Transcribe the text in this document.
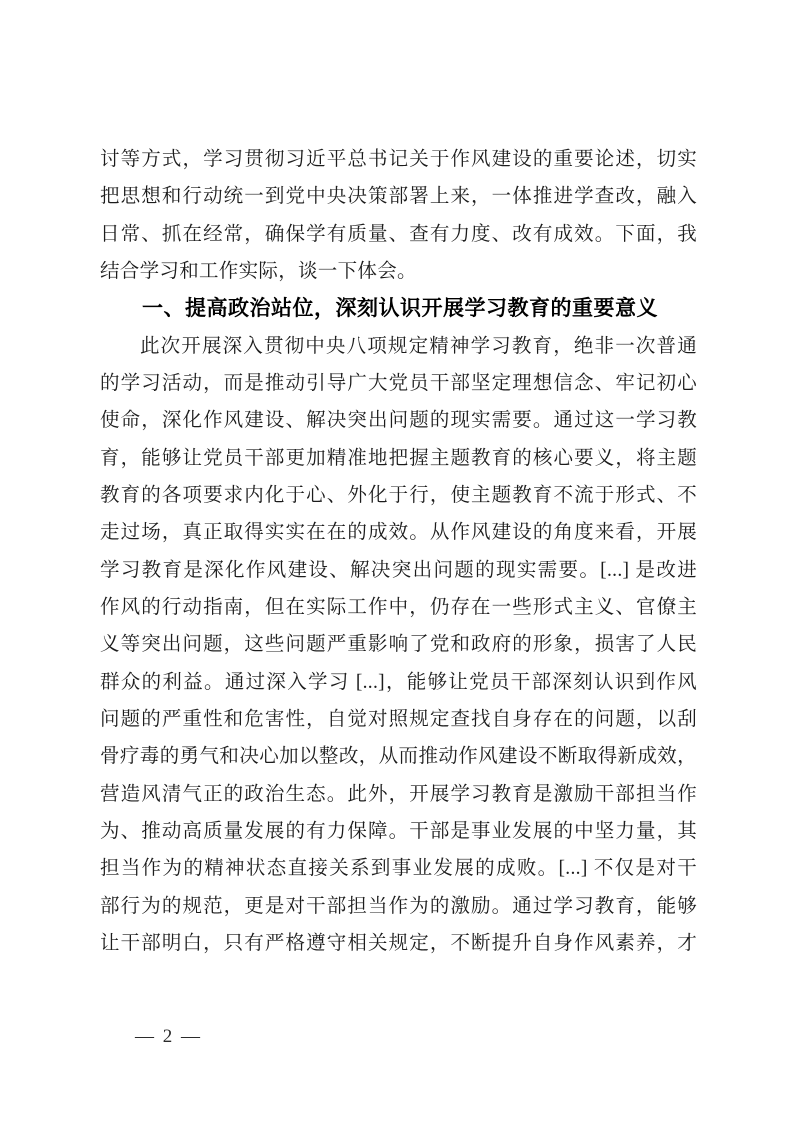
讨等方式，学习贯彻习近平总书记关于作风建设的重要论述，切实
把思想和行动统一到党中央决策部署上来，一体推进学查改，融入
日常、抓在经常，确保学有质量、查有力度、改有成效。下面，我
结合学习和工作实际，谈一下体会。
一、提高政治站位，深刻认识开展学习教育的重要意义
此次开展深入贯彻中央八项规定精神学习教育，绝非一次普通
的学习活动，而是推动引导广大党员干部坚定理想信念、牢记初心
使命，深化作风建设、解决突出问题的现实需要。通过这一学习教
育，能够让党员干部更加精准地把握主题教育的核心要义，将主题
教育的各项要求内化于心、外化于行，使主题教育不流于形式、不
走过场，真正取得实实在在的成效。从作风建设的角度来看，开展
学习教育是深化作风建设、解决突出问题的现实需要。[...] 是改进
作风的行动指南，但在实际工作中，仍存在一些形式主义、官僚主
义等突出问题，这些问题严重影响了党和政府的形象，损害了人民
群众的利益。通过深入学习 [...]，能够让党员干部深刻认识到作风
问题的严重性和危害性，自觉对照规定查找自身存在的问题，以刮
骨疗毒的勇气和决心加以整改，从而推动作风建设不断取得新成效，
营造风清气正的政治生态。此外，开展学习教育是激励干部担当作
为、推动高质量发展的有力保障。干部是事业发展的中坚力量，其
担当作为的精神状态直接关系到事业发展的成败。[...] 不仅是对干
部行为的规范，更是对干部担当作为的激励。通过学习教育，能够
让干部明白，只有严格遵守相关规定，不断提升自身作风素养，才
— 2 —
